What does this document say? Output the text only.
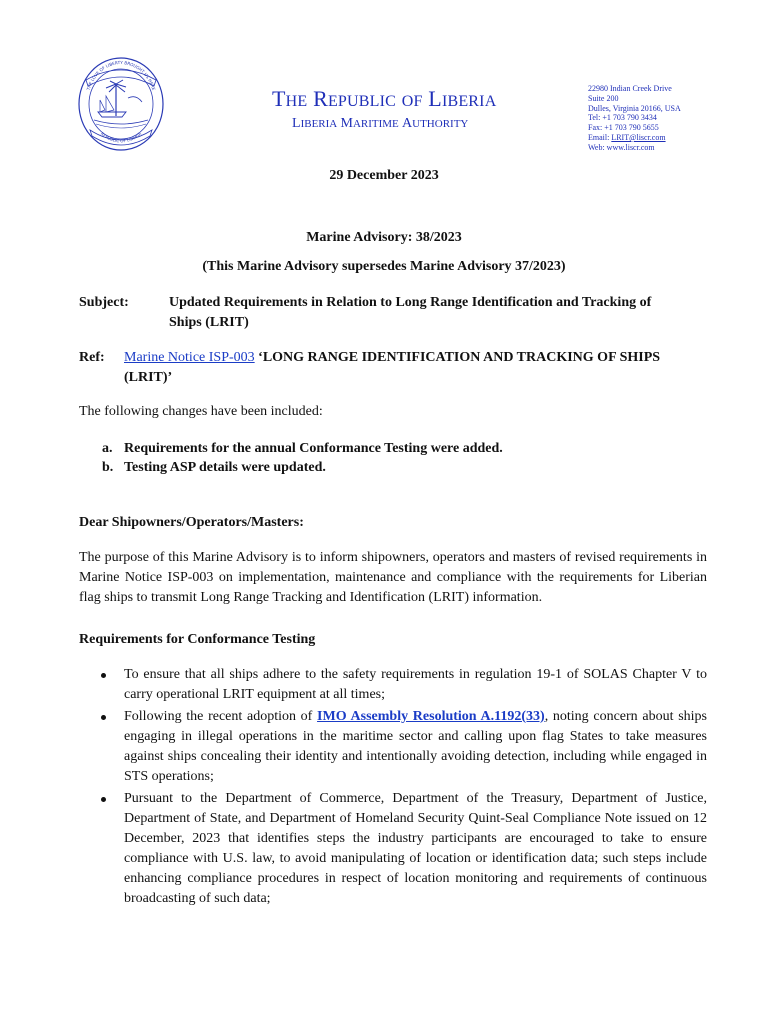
THE LOVE OF LIBERTY BROUGHT US HERE
REPUBLIC OF LIBERIA
THE REPUBLIC OF LIBERIA
LIBERIA MARITIME AUTHORITY
22980 Indian Creek Drive
Suite 200
Dulles, Virginia 20166, USA
Tel: +1 703 790 3434
Fax: +1 703 790 5655
Email: LRIT@liscr.com
Web: www.liscr.com
29 December 2023
Marine Advisory: 38/2023
(This Marine Advisory supersedes Marine Advisory 37/2023)
Subject:	Updated Requirements in Relation to Long Range Identification and Tracking of
Ships (LRIT)
Ref: Marine Notice ISP-003 ‘LONG RANGE IDENTIFICATION AND TRACKING OF SHIPS
(LRIT)’
The following changes have been included:
a. Requirements for the annual Conformance Testing were added.
b. Testing ASP details were updated.
Dear Shipowners/Operators/Masters:
The purpose of this Marine Advisory is to inform shipowners, operators and masters of revised requirements in Marine Notice ISP-003 on implementation, maintenance and compliance with the requirements for Liberian flag ships to transmit Long Range Tracking and Identification (LRIT) information.
Requirements for Conformance Testing
To ensure that all ships adhere to the safety requirements in regulation 19-1 of SOLAS Chapter V to carry operational LRIT equipment at all times;
Following the recent adoption of IMO Assembly Resolution A.1192(33), noting concern about ships engaging in illegal operations in the maritime sector and calling upon flag States to take measures against ships concealing their identity and intentionally avoiding detection, including while engaged in STS operations;
Pursuant to the Department of Commerce, Department of the Treasury, Department of Justice, Department of State, and Department of Homeland Security Quint-Seal Compliance Note issued on 12 December, 2023 that identifies steps the industry participants are encouraged to take to ensure compliance with U.S. law, to avoid manipulating of location or identification data; such steps include enhancing compliance procedures in respect of location monitoring and requirements of continuous broadcasting of such data;
